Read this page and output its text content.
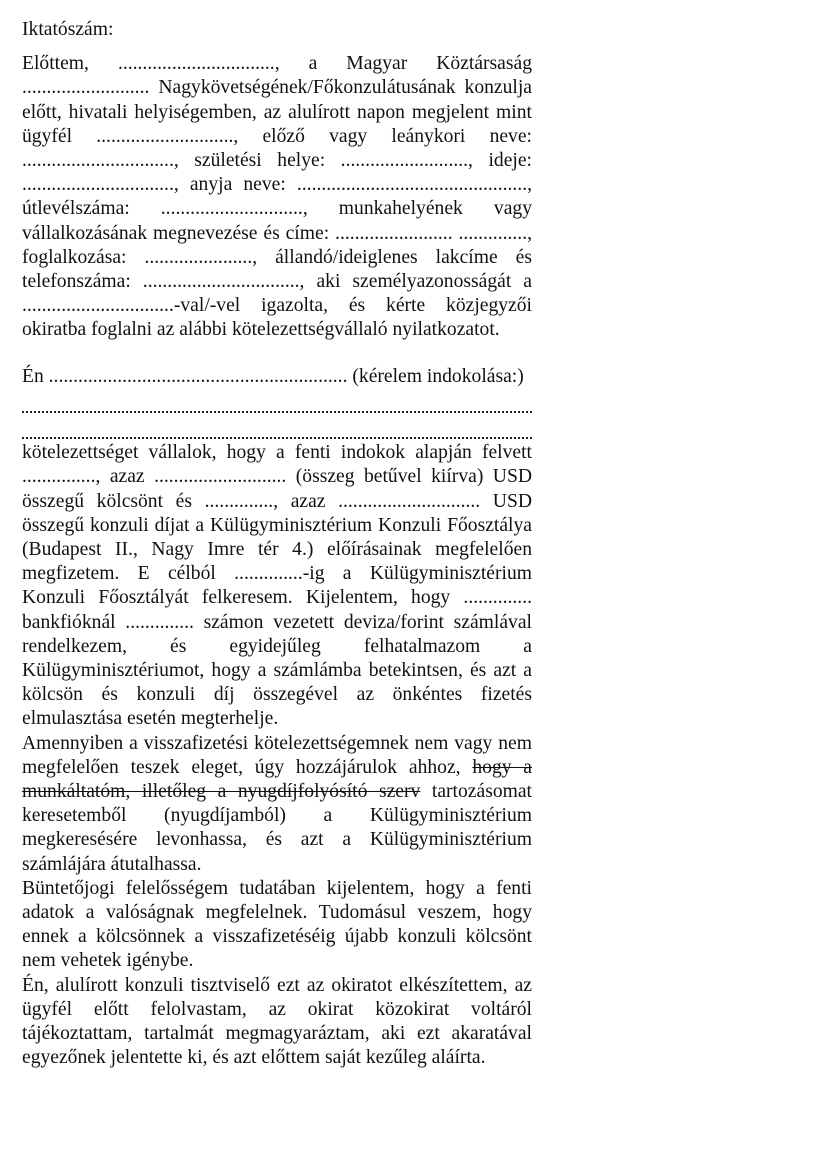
Iktatószám:

Előttem, ................................, a Magyar Köztársaság .......................... Nagykövetségének/Főkonzulátusának konzulja előtt, hivatali helyiségemben, az alulírott napon megjelent mint ügyfél ............................, előző vagy leánykori neve: ..............................., születési helye: .........................., ideje: ..............................., anyja neve: ..............................................., útlevélszáma: ............................., munkahelyének vagy vállalkozásának megnevezése és címe: ........................ .............., foglalkozása: ......................, állandó/ideiglenes lakcíme és telefonszáma: ................................, aki személyazonosságát a ...............................-val/-vel igazolta, és kérte közjegyzői okiratba foglalni az alábbi kötelezettségvállaló nyilatkozatot.

Én ............................................................. (kérelem indokolása:)

kötelezettséget vállalok, hogy a fenti indokok alapján felvett ..............., azaz ........................... (összeg betűvel kiírva) USD összegű kölcsönt és .............., azaz ............................. USD összegű konzuli díjat a Külügyminisztérium Konzuli Főosztálya (Budapest II., Nagy Imre tér 4.) előírásainak megfelelően megfizetem. E célból ..............-ig a Külügyminisztérium Konzuli Főosztályát felkeresem. Kijelentem, hogy .............. bankfióknál .............. számon vezetett deviza/forint számlával rendelkezem, és egyidejűleg felhatalmazom a Külügyminisztériumot, hogy a számlámba betekintsen, és azt a kölcsön és konzuli díj összegével az önkéntes fizetés elmulasztása esetén megterhelje.

Amennyiben a visszafizetési kötelezettségemnek nem vagy nem megfelelően teszek eleget, úgy hozzájárulok ahhoz, hogy a munkáltatóm, illetőleg a nyugdíjfolyósító szerv tartozásomat keresetemből (nyugdíjamból) a Külügyminisztérium megkeresésére levonhassa, és azt a Külügyminisztérium számlájára átutalhassa.

Büntetőjogi felelősségem tudatában kijelentem, hogy a fenti adatok a valóságnak megfelelnek. Tudomásul veszem, hogy ennek a kölcsönnek a visszafizetéséig újabb konzuli kölcsönt nem vehetek igénybe.

Én, alulírott konzuli tisztviselő ezt az okiratot elkészítettem, az ügyfél előtt felolvastam, az okirat közokirat voltáról tájékoztattam, tartalmát megmagyaráztam, aki ezt akaratával egyezőnek jelentette ki, és azt előttem saját kezűleg aláírta.
